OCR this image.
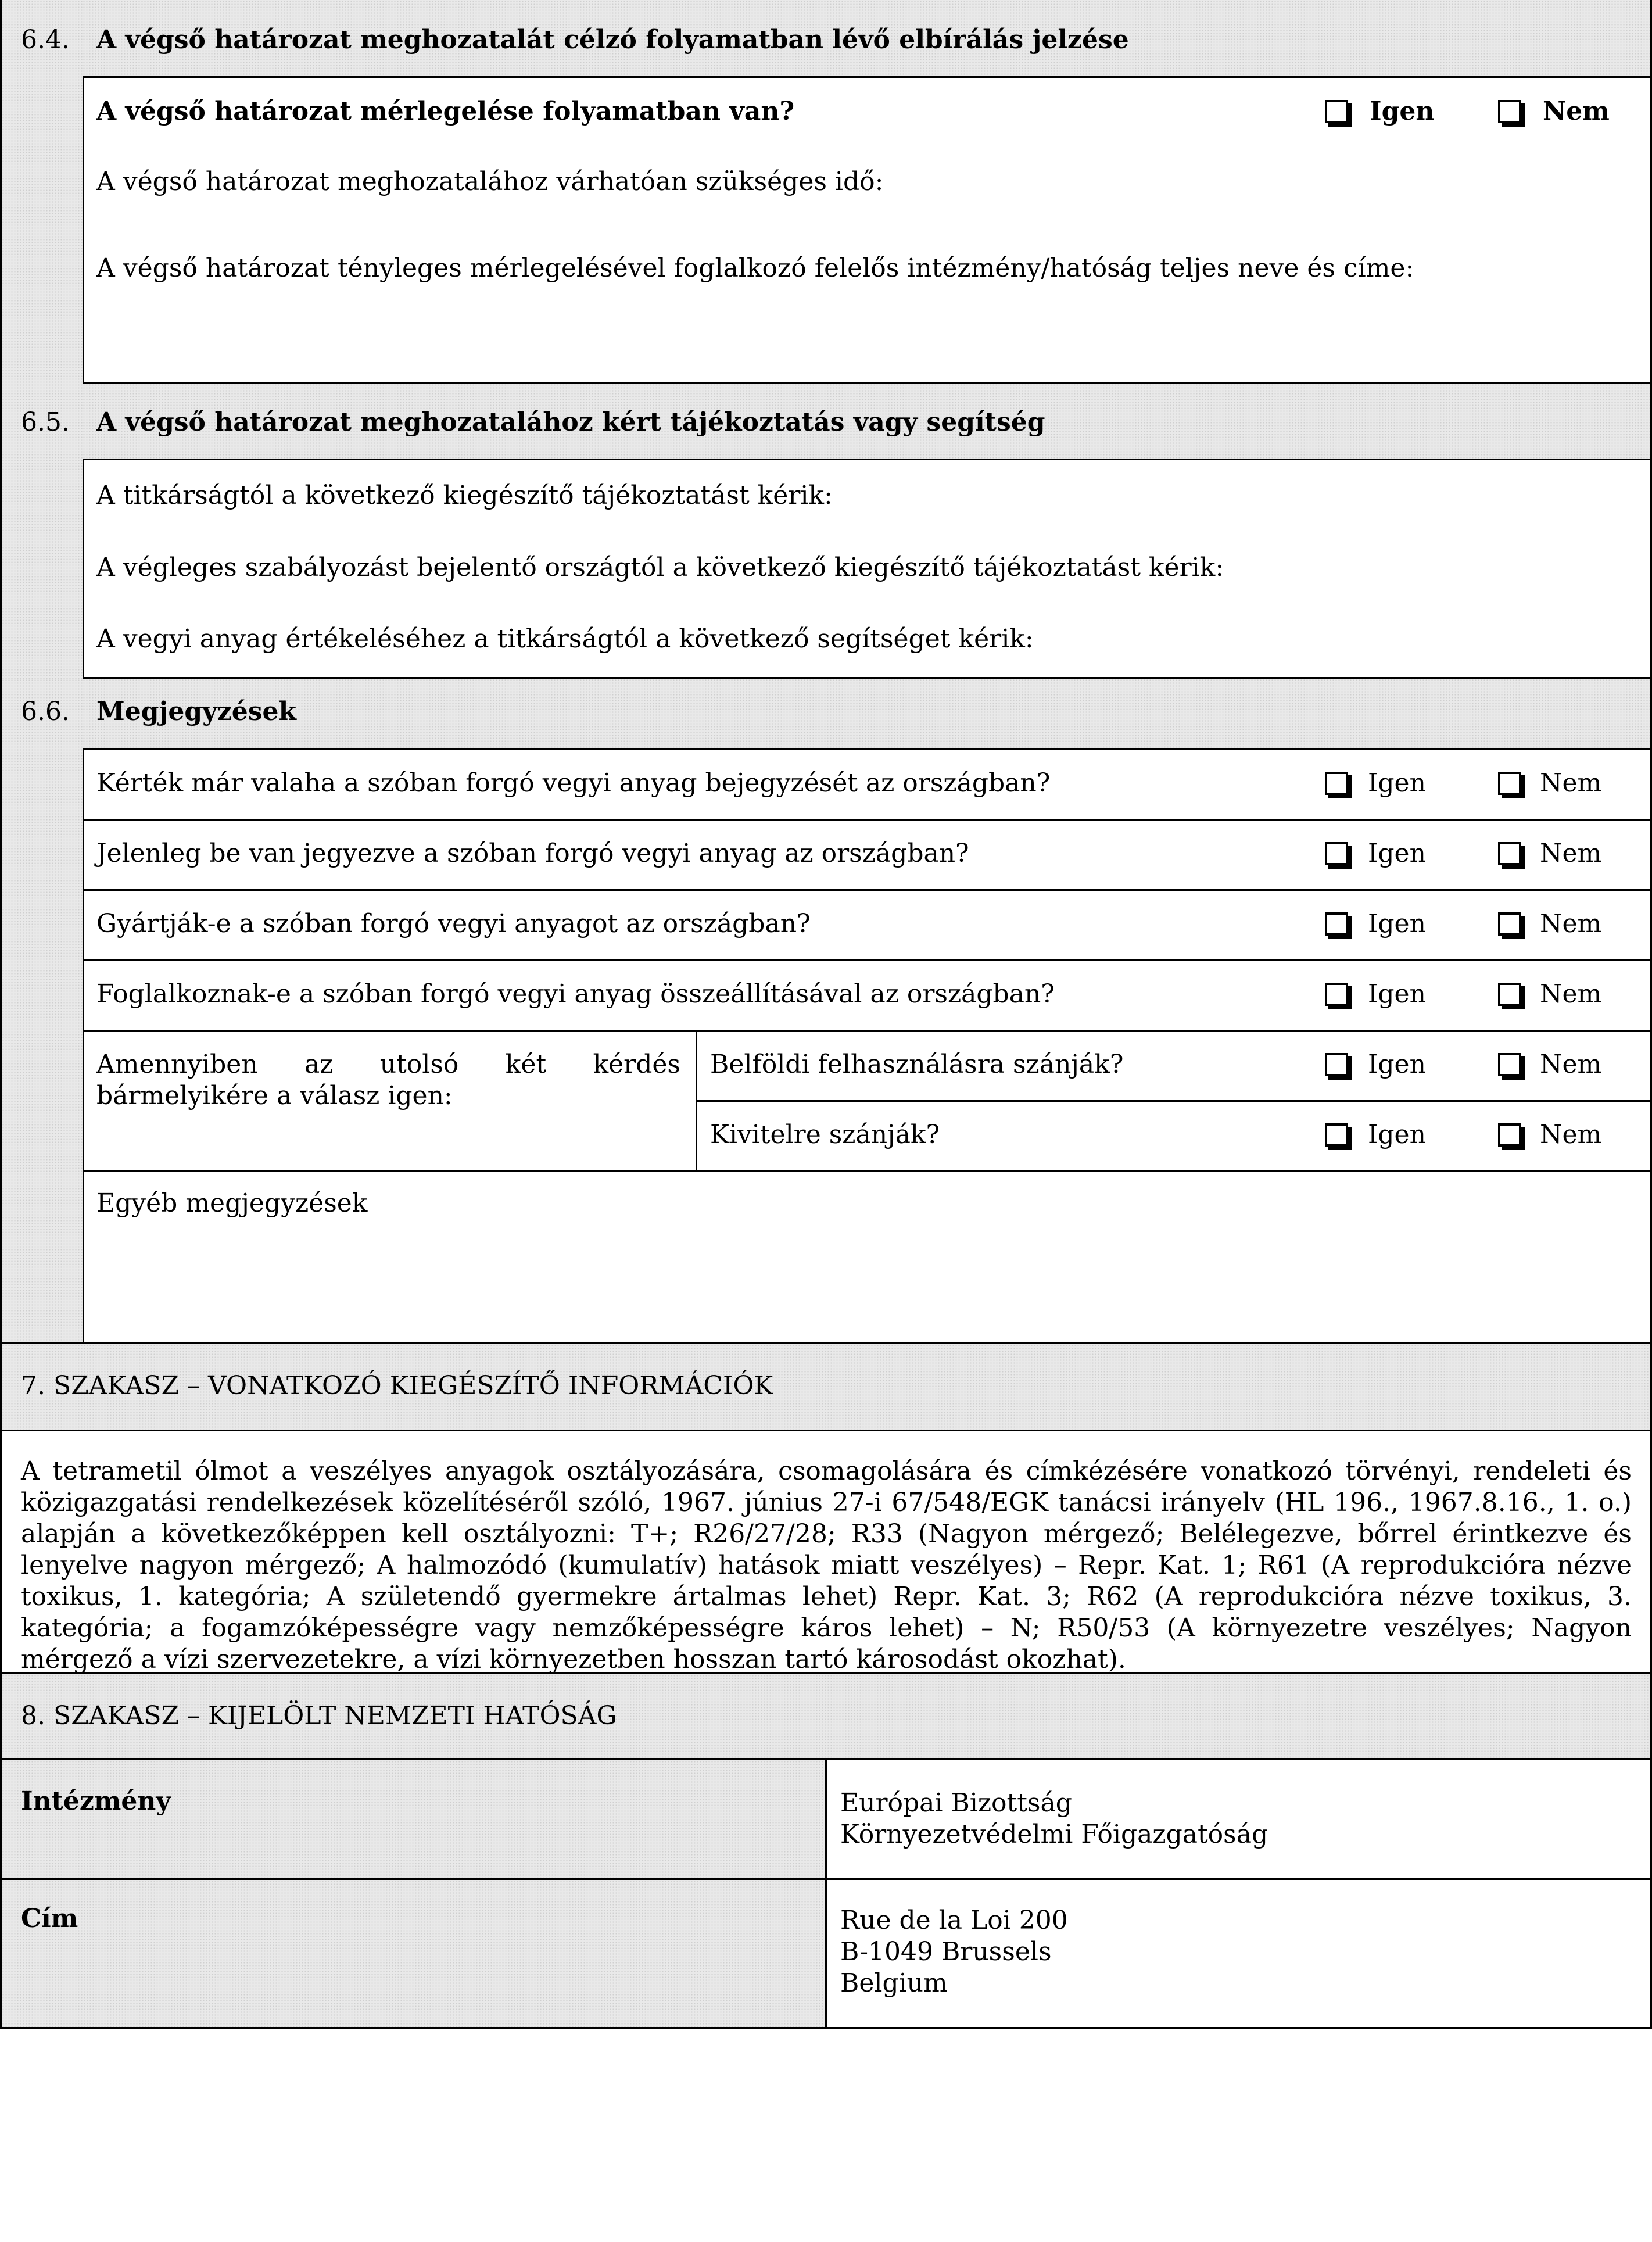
6.4. A végső határozat meghozatalát célzó folyamatban lévő elbírálás jelzése
A végső határozat mérlegelése folyamatban van?	Igen	Nem
A végső határozat meghozatalához várhatóan szükséges idő:
A végső határozat tényleges mérlegelésével foglalkozó felelős intézmény/hatóság teljes neve és címe:
6.5. A végső határozat meghozatalához kért tájékoztatás vagy segítség
A titkárságtól a következő kiegészítő tájékoztatást kérik:
A végleges szabályozást bejelentő országtól a következő kiegészítő tájékoztatást kérik:
A vegyi anyag értékeléséhez a titkárságtól a következő segítséget kérik:
6.6. Megjegyzések
Kérték már valaha a szóban forgó vegyi anyag bejegyzését az országban?	Igen	Nem
Jelenleg be van jegyezve a szóban forgó vegyi anyag az országban?	Igen	Nem
Gyártják-e a szóban forgó vegyi anyagot az országban?	Igen	Nem
Foglalkoznak-e a szóban forgó vegyi anyag összeállításával az országban?	Igen	Nem
Amennyiben az utolsó két kérdés bármelyikére a válasz igen:
Belföldi felhasználásra szánják?	Igen	Nem
Kivitelre szánják?	Igen	Nem
Egyéb megjegyzések
7. SZAKASZ – VONATKOZÓ KIEGÉSZÍTŐ INFORMÁCIÓK
A tetrametil ólmot a veszélyes anyagok osztályozására, csomagolására és címkézésére vonatkozó törvényi, rendeleti és közigazgatási rendelkezések közelítéséről szóló, 1967. június 27-i 67/548/EGK tanácsi irányelv (HL 196., 1967.8.16., 1. o.) alapján a következőképpen kell osztályozni: T+; R26/27/28; R33 (Nagyon mérgező; Belélegezve, bőrrel érintkezve és lenyelve nagyon mérgező; A halmozódó (kumulatív) hatások miatt veszélyes) – Repr. Kat. 1; R61 (A reprodukcióra nézve toxikus, 1. kategória; A születendő gyermekre ártalmas lehet) Repr. Kat. 3; R62 (A reprodukcióra nézve toxikus, 3. kategória; a fogamzóképességre vagy nemzőképességre káros lehet) – N; R50/53 (A környezetre veszélyes; Nagyon mérgező a vízi szervezetekre, a vízi környezetben hosszan tartó károsodást okozhat).
8. SZAKASZ – KIJELÖLT NEMZETI HATÓSÁG
Intézmény	Európai Bizottság
Környezetvédelmi Főigazgatóság
Cím	Rue de la Loi 200
B-1049 Brussels
Belgium
